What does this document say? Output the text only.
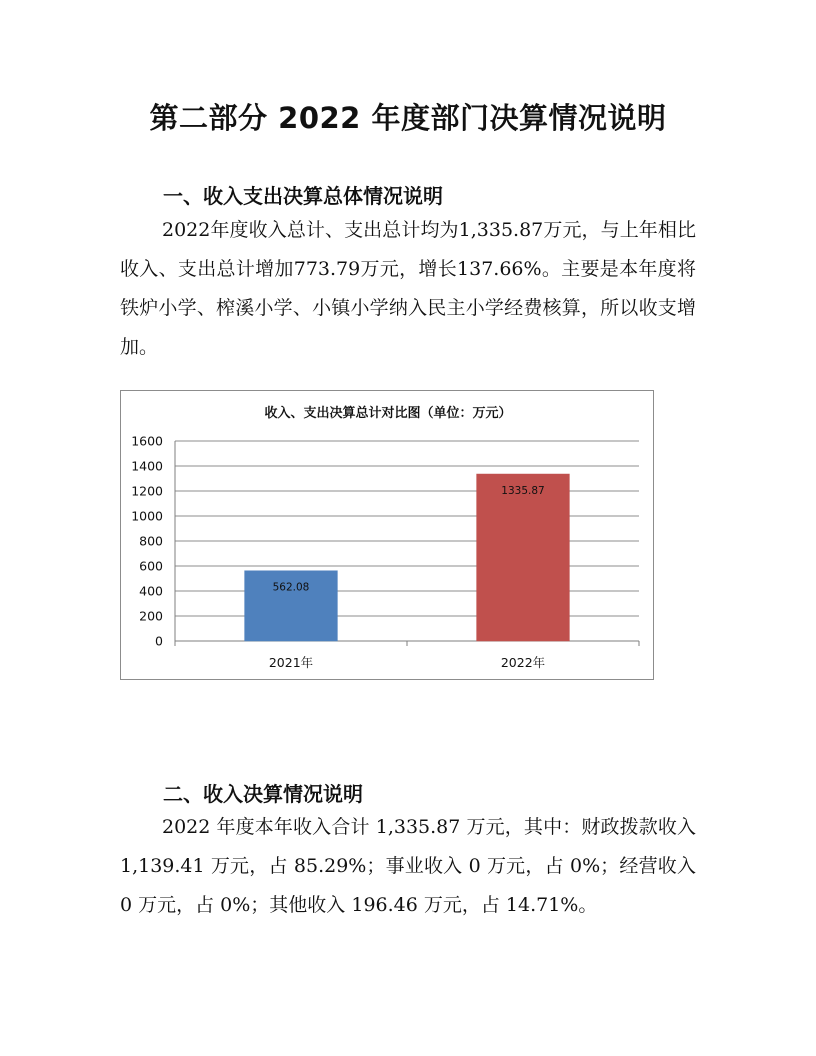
第二部分 2022 年度部门决算情况说明
一、收入支出决算总体情况说明

2022年度收入总计、支出总计均为1,335.87万元，与上年相比收入、支出总计增加773.79万元，增长137.66%。主要是本年度将铁炉小学、榨溪小学、小镇小学纳入民主小学经费核算，所以收支增加。

收入、支出决算总计对比图（单位：万元）
0
200
400
600
800
1000
1200
1400
1600
562.08
2021年
1335.87
2022年
二、收入决算情况说明

2022 年度本年收入合计 1,335.87 万元，其中：财政拨款收入 1,139.41 万元，占 85.29%；事业收入 0 万元，占 0%；经营收入 0 万元，占 0%；其他收入 196.46 万元，占 14.71%。
